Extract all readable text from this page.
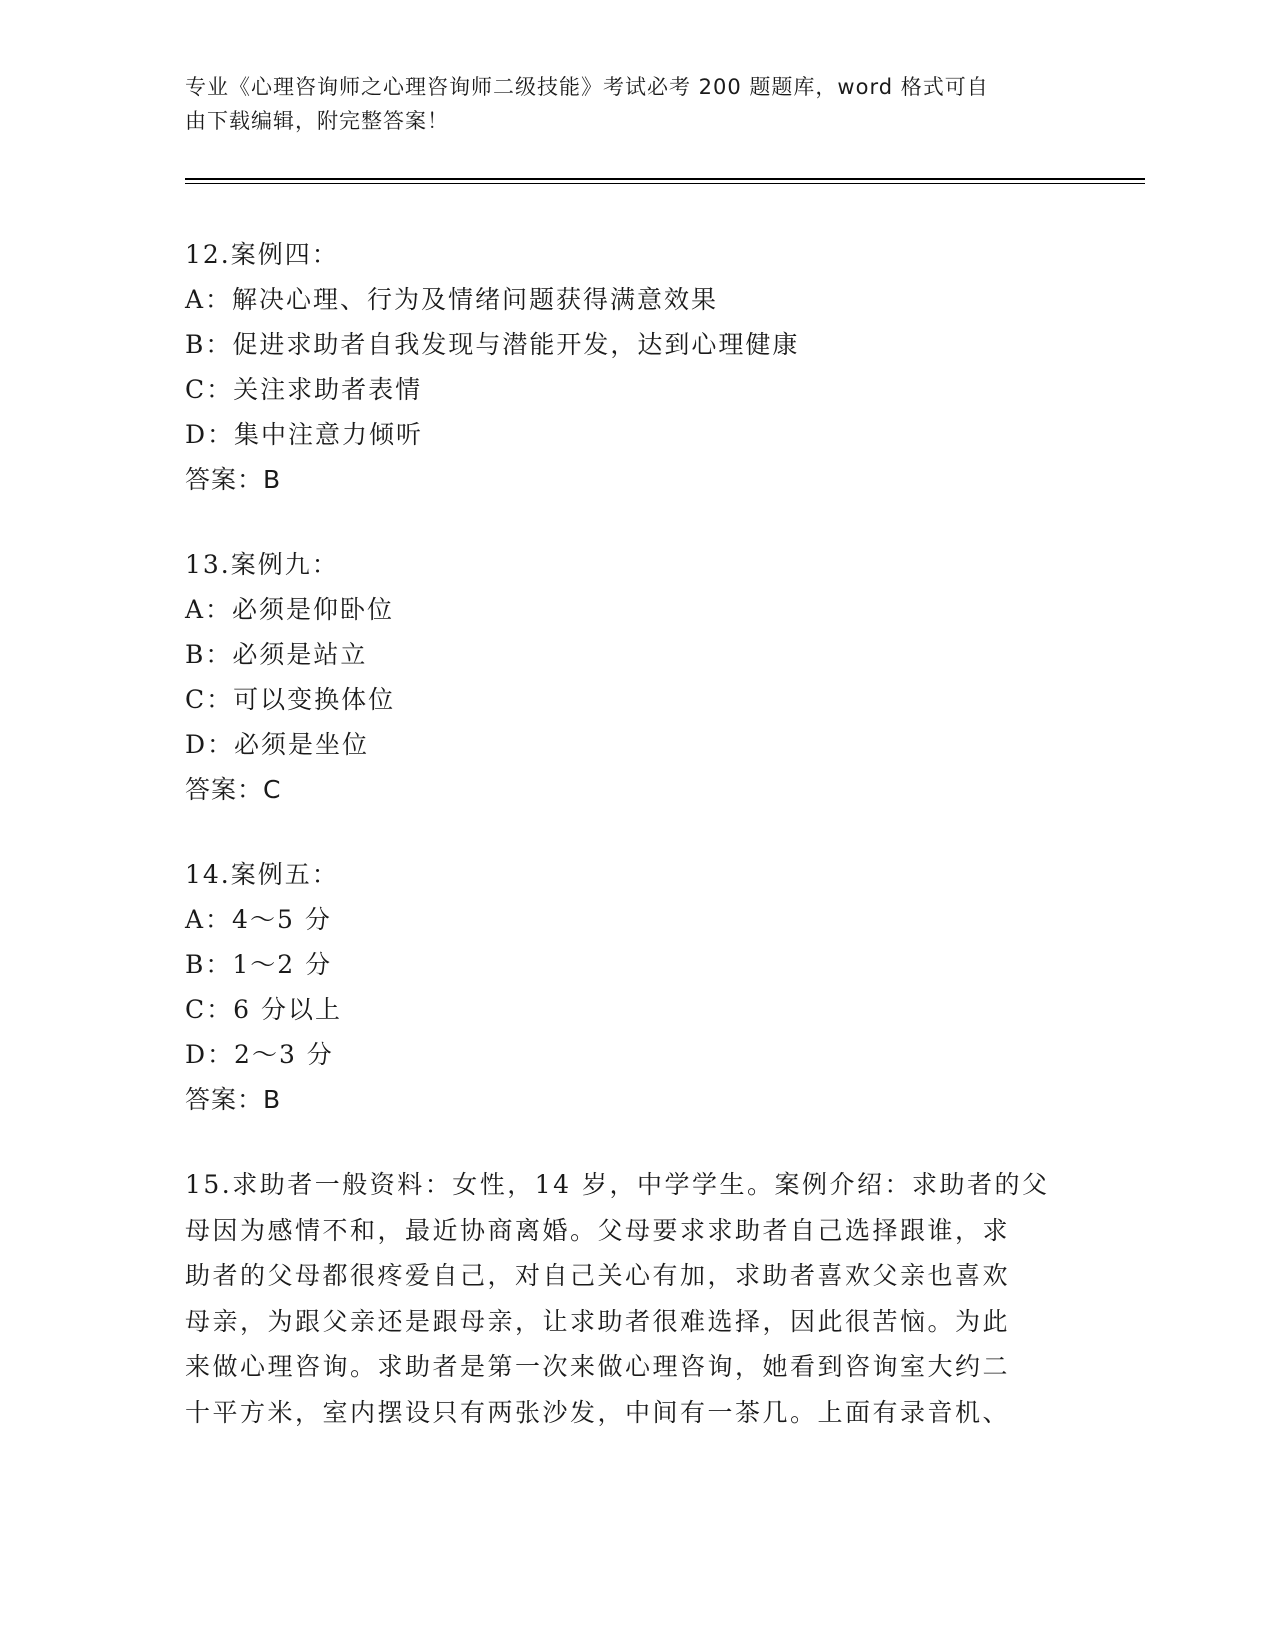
专业《心理咨询师之心理咨询师二级技能》考试必考 200 题题库，word 格式可自
由下载编辑，附完整答案！
12.案例四：
A：解决心理、行为及情绪问题获得满意效果
B：促进求助者自我发现与潜能开发，达到心理健康
C：关注求助者表情
D：集中注意力倾听
答案：B
13.案例九：
A：必须是仰卧位
B：必须是站立
C：可以变换体位
D：必须是坐位
答案：C
14.案例五：
A：4～5 分
B：1～2 分
C：6 分以上
D：2～3 分
答案：B
15.求助者一般资料：女性，14 岁，中学学生。案例介绍：求助者的父
母因为感情不和，最近协商离婚。父母要求求助者自己选择跟谁，求
助者的父母都很疼爱自己，对自己关心有加，求助者喜欢父亲也喜欢
母亲，为跟父亲还是跟母亲，让求助者很难选择，因此很苦恼。为此
来做心理咨询。求助者是第一次来做心理咨询，她看到咨询室大约二
十平方米，室内摆设只有两张沙发，中间有一茶几。上面有录音机、
